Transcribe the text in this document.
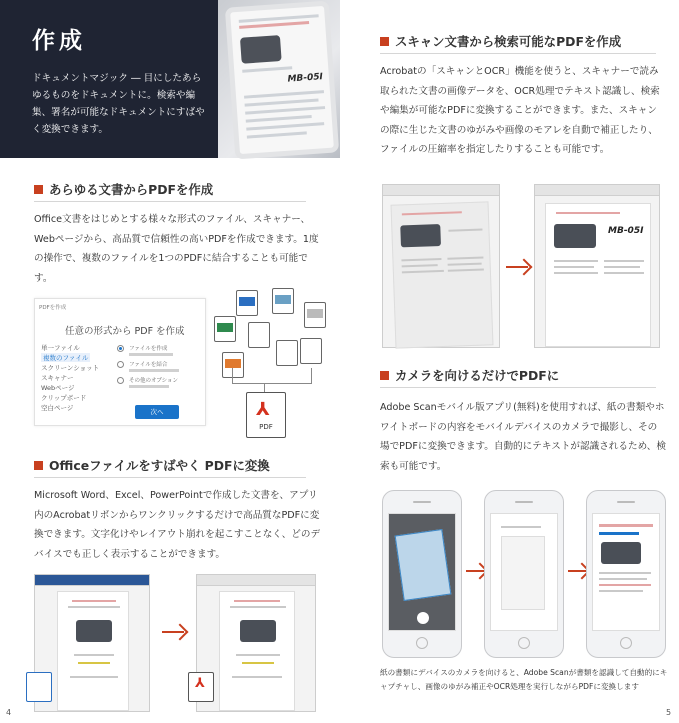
作成
ドキュメントマジック ― 目にしたあらゆるものをドキュメントに。検索や編集、署名が可能なドキュメントにすばやく変換できます。
MB-05I
あらゆる文書からPDFを作成
Office文書をはじめとする様々な形式のファイル、スキャナー、Webページから、高品質で信頼性の高いPDFを作成できます。1度の操作で、複数のファイルを1つのPDFに結合することも可能です。
PDFを作成
任意の形式から PDF を作成
単一ファイル
複数のファイル
スクリーンショット
スキャナー
Webページ
クリップボード
空白ページ
ファイルを作成
ファイルを結合
その他のオプション
次へ	⅄
PDF
Officeファイルをすばやく PDFに変換
Microsoft Word、Excel、PowerPointで作成した文書を、アプリ内のAcrobatリボンからワンクリックするだけで高品質なPDFに変換できます。文字化けやレイアウト崩れを起こすことなく、どのデバイスでも正しく表示することができます。
⅄
4
スキャン文書から検索可能なPDFを作成
Acrobatの「スキャンとOCR」機能を使うと、スキャナーで読み取られた文書の画像データを、OCR処理でテキスト認識し、検索や編集が可能なPDFに変換することができます。また、スキャンの際に生じた文書のゆがみや画像のモアレを自動で補正したり、ファイルの圧縮率を指定したりすることも可能です。
MB-05I
カメラを向けるだけでPDFに
Adobe Scanモバイル版アプリ(無料)を使用すれば、紙の書類やホワイトボードの内容をモバイルデバイスのカメラで撮影し、その場でPDFに変換できます。自動的にテキストが認識されるため、検索も可能です。
紙の書類にデバイスのカメラを向けると、Adobe Scanが書類を認識して自動的にキャプチャし、画像のゆがみ補正やOCR処理を実行しながらPDFに変換します
5
